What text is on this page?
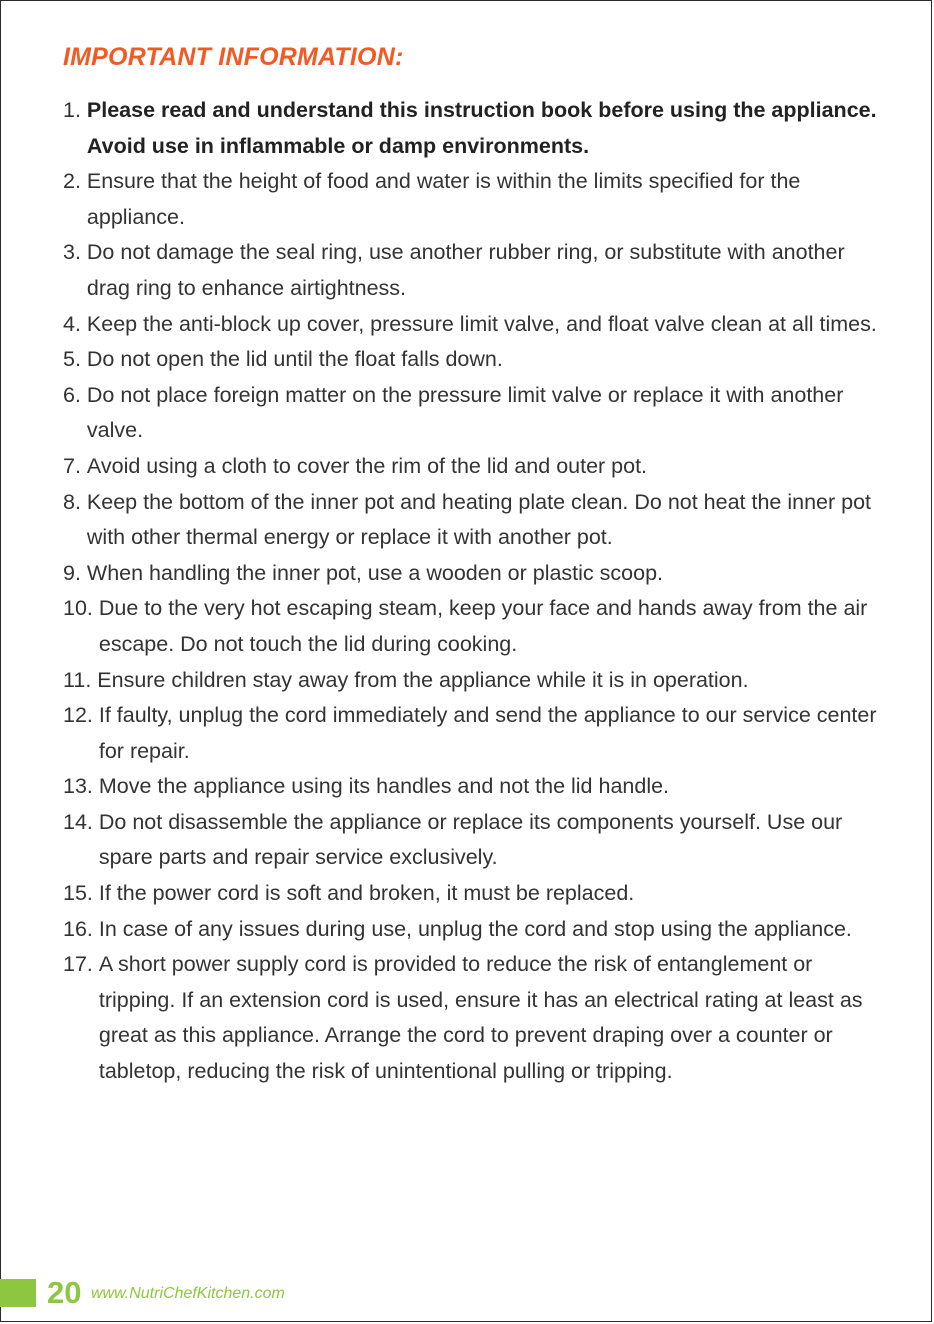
IMPORTANT INFORMATION:
1. Please read and understand this instruction book before using the appliance. Avoid use in inflammable or damp environments.
2. Ensure that the height of food and water is within the limits specified for the appliance.
3. Do not damage the seal ring, use another rubber ring, or substitute with another drag ring to enhance airtightness.
4. Keep the anti-block up cover, pressure limit valve, and float valve clean at all times.
5. Do not open the lid until the float falls down.
6. Do not place foreign matter on the pressure limit valve or replace it with another valve.
7. Avoid using a cloth to cover the rim of the lid and outer pot.
8. Keep the bottom of the inner pot and heating plate clean. Do not heat the inner pot with other thermal energy or replace it with another pot.
9. When handling the inner pot, use a wooden or plastic scoop.
10. Due to the very hot escaping steam, keep your face and hands away from the air escape. Do not touch the lid during cooking.
11. Ensure children stay away from the appliance while it is in operation.
12. If faulty, unplug the cord immediately and send the appliance to our service center for repair.
13. Move the appliance using its handles and not the lid handle.
14. Do not disassemble the appliance or replace its components yourself. Use our spare parts and repair service exclusively.
15. If the power cord is soft and broken, it must be replaced.
16. In case of any issues during use, unplug the cord and stop using the appliance.
17. A short power supply cord is provided to reduce the risk of entanglement or tripping. If an extension cord is used, ensure it has an electrical rating at least as great as this appliance. Arrange the cord to prevent draping over a counter or tabletop, reducing the risk of unintentional pulling or tripping.
20 www.NutriChefKitchen.com
